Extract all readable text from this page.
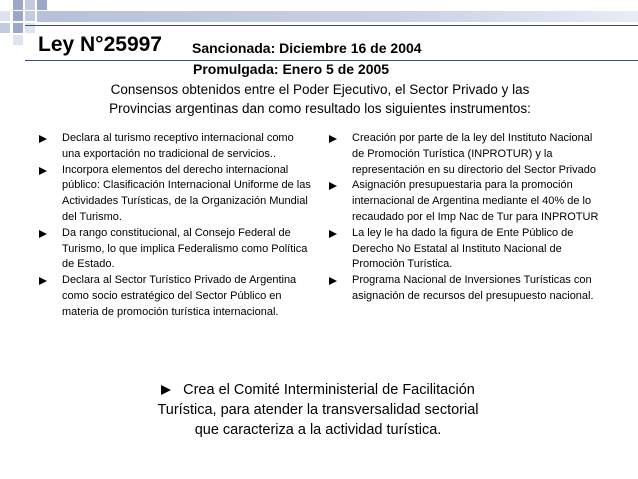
Ley N°25997 Sancionada: Diciembre 16 de 2004
Promulgada: Enero 5 de 2005
Consensos obtenidos entre el Poder Ejecutivo, el Sector Privado y las
Provincias argentinas dan como resultado los siguientes instrumentos:
Declara al turismo receptivo internacional como una exportación no tradicional de servicios..
Incorpora elementos del derecho internacional público: Clasificación Internacional Uniforme de las Actividades Turísticas, de la Organización Mundial del Turismo.
Da rango constitucional, al Consejo Federal de Turismo, lo que implica Federalismo como Política de Estado.
Declara al Sector Turístico Privado de Argentina como socio estratégico del Sector Público en materia de promoción turística internacional.
Creación por parte de la ley del Instituto Nacional de Promoción Turística (INPROTUR) y la representación en su directorio del Sector Privado
Asignación presupuestaria para la promoción internacional de Argentina mediante el 40% de lo recaudado por el Imp Nac de Tur para INPROTUR
La ley le ha dado la figura de Ente Público de Derecho No Estatal al Instituto Nacional de Promoción Turística.
Programa Nacional de Inversiones Turísticas con asignación de recursos del presupuesto nacional.
Crea el Comité Interministerial de Facilitación
Turística, para atender la transversalidad sectorial
que caracteriza a la actividad turística.
